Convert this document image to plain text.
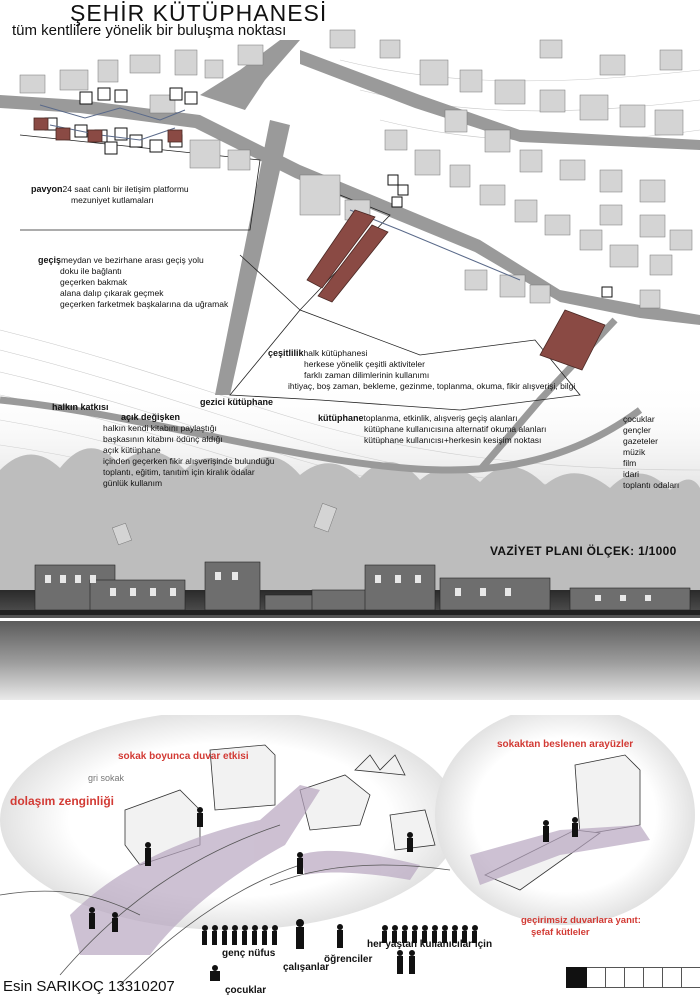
ŞEHİR KÜTÜPHANESİ
tüm kentlilere yönelik bir buluşma noktası
pavyon24 saat canlı bir iletişim platformu
mezuniyet kutlamaları
geçişmeydan ve bezirhane arası geçiş yolu
doku ile bağlantı
geçerken bakmak
alana dalıp çıkarak geçmek
geçerken farketmek başkalarına da uğramak
çeşitlilikhalk kütüphanesi
herkese yönelik çeşitli aktiviteler
farklı zaman dilimlerinin kullanımı
ihtiyaç, boş zaman, bekleme, gezinme, toplanma, okuma, fikir alışverişi, bilgi
halkın katkısı	gezici kütüphane
açık değişken
halkın kendi kitabını paylaştığı
başkasının kitabını ödünç aldığı
açık kütüphane
içinden geçerken fikir alışverişinde bulunduğu
toplantı, eğitim, tanıtım için kiralık odalar
günlük kullanım
kütüphanetoplanma, etkinlik, alışveriş geçiş alanları
kütüphane kullanıcısına alternatif okuma alanları
kütüphane kullanıcısı+herkesin kesişim noktası
çocuklar
gençler
gazeteler
müzik
film
idari
toplantı odaları
VAZİYET PLANI ÖLÇEK: 1/1000
sokak boyunca duvar etkisi
gri sokak
dolaşım zenginliği
sokaktan beslenen arayüzler
geçirimsiz duvarlara yanıt:
şefaf kütleler
genç nüfus
çalışanlar
öğrenciler
her yaştan kullanıcılar için
çocuklar
Esin SARIKOÇ 13310207
